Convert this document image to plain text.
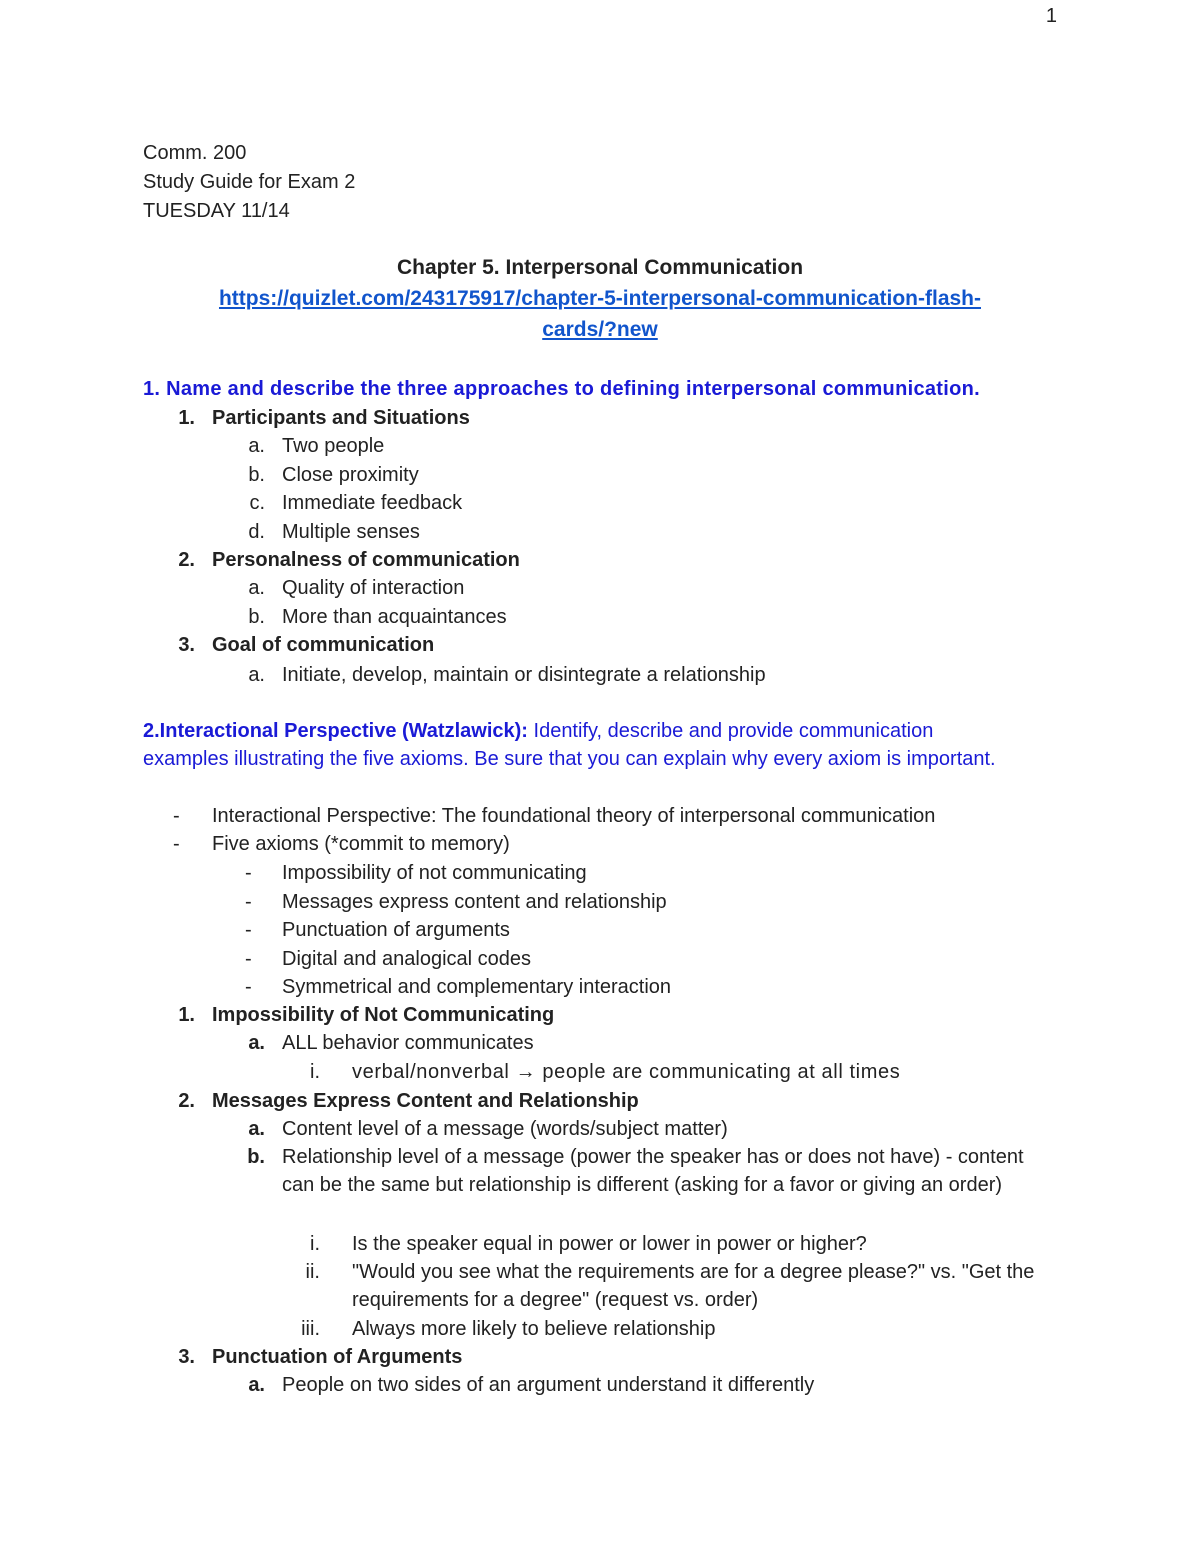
1
Comm. 200
Study Guide for Exam 2
TUESDAY 11/14
Chapter 5. Interpersonal Communication
https://quizlet.com/243175917/chapter-5-interpersonal-communication-flash-
cards/?new
1. Name and describe the three approaches to defining interpersonal communication.
1. Participants and Situations
a. Two people
b. Close proximity
c. Immediate feedback
d. Multiple senses
2. Personalness of communication
a. Quality of interaction
b. More than acquaintances
3. Goal of communication
a. Initiate, develop, maintain or disintegrate a relationship
2.Interactional Perspective (Watzlawick): Identify, describe and provide communication examples illustrating the five axioms. Be sure that you can explain why every axiom is important.
-	Interactional Perspective: The foundational theory of interpersonal communication
-	Five axioms (*commit to memory)
-	Impossibility of not communicating
-	Messages express content and relationship
-	Punctuation of arguments
-	Digital and analogical codes
-	Symmetrical and complementary interaction
1. Impossibility of Not Communicating
a. ALL behavior communicates
i. verbal/nonverbal → people are communicating at all times
2. Messages Express Content and Relationship
a. Content level of a message (words/subject matter)
b. Relationship level of a message (power the speaker has or does not have) - content can be the same but relationship is different (asking for a favor or giving an order)
i. Is the speaker equal in power or lower in power or higher?
ii. "Would you see what the requirements are for a degree please?" vs. "Get the requirements for a degree" (request vs. order)
iii. Always more likely to believe relationship
3. Punctuation of Arguments
a. People on two sides of an argument understand it differently
